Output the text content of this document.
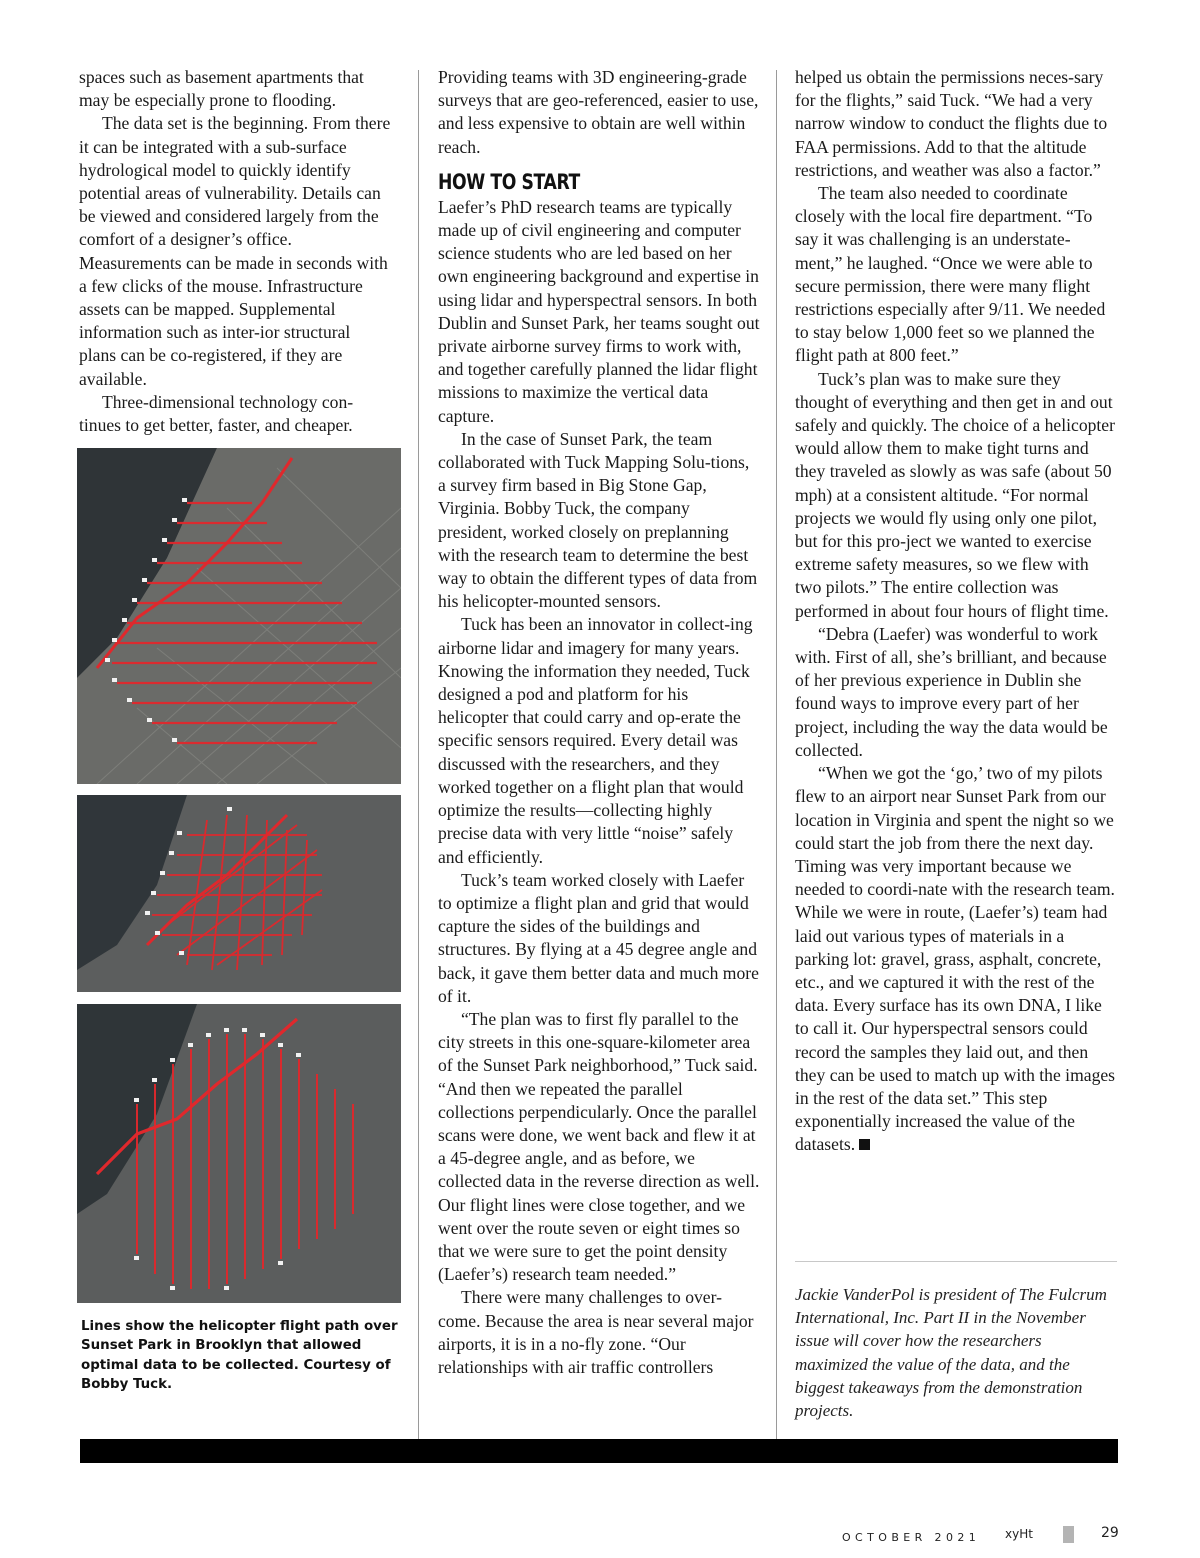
spaces such as basement apartments that may be especially prone to flooding.

The data set is the beginning. From there it can be integrated with a sub-surface hydrological model to quickly identify potential areas of vulnerability. Details can be viewed and considered largely from the comfort of a designer’s office. Measurements can be made in seconds with a few clicks of the mouse. Infrastructure assets can be mapped. Supplemental information such as inter-ior structural plans can be co-registered, if they are available.

Three-dimensional technology con-tinues to get better, faster, and cheaper.

Lines show the helicopter flight path over Sunset Park in Brooklyn that allowed optimal data to be collected. Courtesy of Bobby Tuck.

Providing teams with 3D engineering-grade surveys that are geo-referenced, easier to use, and less expensive to obtain are well within reach.

HOW TO START

Laefer’s PhD research teams are typically made up of civil engineering and computer science students who are led based on her own engineering background and expertise in using lidar and hyperspectral sensors. In both Dublin and Sunset Park, her teams sought out private airborne survey firms to work with, and together carefully planned the lidar flight missions to maximize the vertical data capture.

In the case of Sunset Park, the team collaborated with Tuck Mapping Solu-tions, a survey firm based in Big Stone Gap, Virginia. Bobby Tuck, the company president, worked closely on preplanning with the research team to determine the best way to obtain the different types of data from his helicopter-mounted sensors.

Tuck has been an innovator in collect-ing airborne lidar and imagery for many years. Knowing the information they needed, Tuck designed a pod and platform for his helicopter that could carry and op-erate the specific sensors required. Every detail was discussed with the researchers, and they worked together on a flight plan that would optimize the results—collecting highly precise data with very little “noise” safely and efficiently.

Tuck’s team worked closely with Laefer to optimize a flight plan and grid that would capture the sides of the buildings and structures. By flying at a 45 degree angle and back, it gave them better data and much more of it.

“The plan was to first fly parallel to the city streets in this one-square-kilometer area of the Sunset Park neighborhood,” Tuck said. “And then we repeated the parallel collections perpendicularly. Once the parallel scans were done, we went back and flew it at a 45-degree angle, and as before, we collected data in the reverse direction as well. Our flight lines were close together, and we went over the route seven or eight times so that we were sure to get the point density (Laefer’s) research team needed.”

There were many challenges to over-come. Because the area is near several major airports, it is in a no-fly zone. “Our relationships with air traffic controllers

helped us obtain the permissions neces-sary for the flights,” said Tuck. “We had a very narrow window to conduct the flights due to FAA permissions. Add to that the altitude restrictions, and weather was also a factor.”

The team also needed to coordinate closely with the local fire department. “To say it was challenging is an understate-ment,” he laughed. “Once we were able to secure permission, there were many flight restrictions especially after 9/11. We needed to stay below 1,000 feet so we planned the flight path at 800 feet.”

Tuck’s plan was to make sure they thought of everything and then get in and out safely and quickly. The choice of a helicopter would allow them to make tight turns and they traveled as slowly as was safe (about 50 mph) at a consistent altitude. “For normal projects we would fly using only one pilot, but for this pro-ject we wanted to exercise extreme safety measures, so we flew with two pilots.” The entire collection was performed in about four hours of flight time.

“Debra (Laefer) was wonderful to work with. First of all, she’s brilliant, and because of her previous experience in Dublin she found ways to improve every part of her project, including the way the data would be collected.

“When we got the ‘go,’ two of my pilots flew to an airport near Sunset Park from our location in Virginia and spent the night so we could start the job from there the next day. Timing was very important because we needed to coordi-nate with the research team. While we were in route, (Laefer’s) team had laid out various types of materials in a parking lot: gravel, grass, asphalt, concrete, etc., and we captured it with the rest of the data. Every surface has its own DNA, I like to call it. Our hyperspectral sensors could record the samples they laid out, and then they can be used to match up with the images in the rest of the data set.” This step exponentially increased the value of the datasets.

Jackie VanderPol is president of The Fulcrum International, Inc. Part II in the November issue will cover how the researchers maximized the value of the data, and the biggest takeaways from the demonstration projects.

OCTOBER 2021 xyHt	29
